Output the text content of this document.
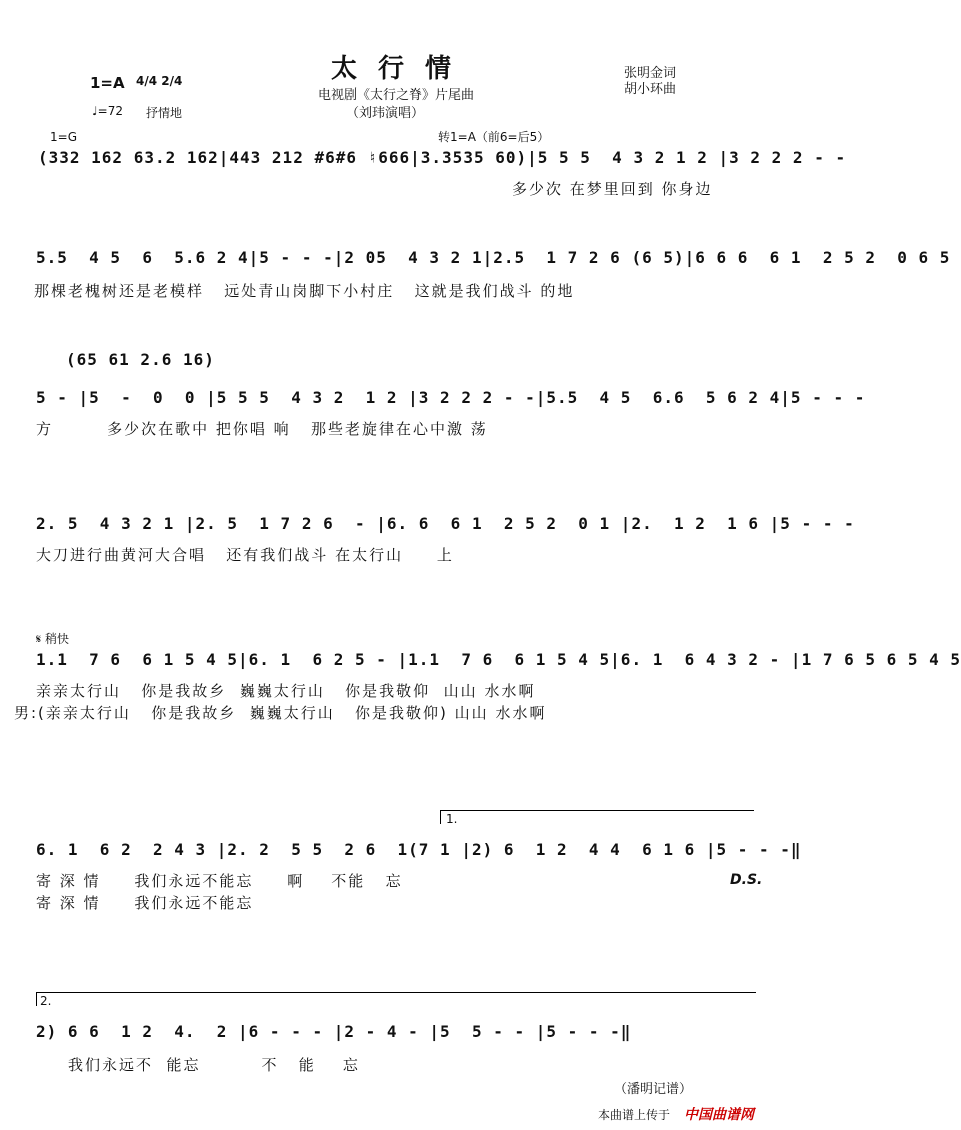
太 行 情
电视剧《太行之脊》片尾曲
（刘玮演唱）
张明金词
胡小环曲
1=A 4/4 2/4
♩=72 抒情地
1=G	转1=A（前6=后5）
(332 162 63.2 162|443 212 #6#6 ♮666|3.3535 60)|5 5 5  4 3 2 1 2 |3 2 2 2 - -
多少次 在梦里回到 你身边
5.5  4 5  6  5.6 2 4|5 - - -|2 05  4 3 2 1|2.5  1 7 2 6 (6 5)|6 6 6  6 1  2 5 2  0 6 5
那棵老槐树还是老模样   远处青山岗脚下小村庄   这就是我们战斗 的地
(65 61 2.6 16)
5 - |5  -  0  0 |5 5 5  4 3 2  1 2 |3 2 2 2 - -|5.5  4 5  6.6  5 6 2 4|5 - - -
方        多少次在歌中 把你唱 响   那些老旋律在心中激 荡
2. 5  4 3 2 1 |2. 5  1 7 2 6  - |6. 6  6 1  2 5 2  0 1 |2.  1 2  1 6 |5 - - -
大刀进行曲黄河大合唱   还有我们战斗 在太行山     上
𝄋 稍快
1.1  7 6  6 1 5 4 5|6. 1  6 2 5 - |1.1  7 6  6 1 5 4 5|6. 1  6 4 3 2 - |1 7 6 5 6 5 4 5
亲亲太行山   你是我故乡  巍巍太行山   你是我敬仰  山山 水水啊
男:(亲亲太行山   你是我故乡  巍巍太行山   你是我敬仰) 山山 水水啊
1.
6. 1  6 2  2 4 3 |2. 2  5 5  2 6  1(7 1 |2) 6  1 2  4 4  6 1 6 |5 - - -‖
寄 深 情     我们永远不能忘     啊    不能   忘
寄 深 情     我们永远不能忘
D.S.
2.
2) 6 6  1 2  4.  2 |6 - - - |2 - 4 - |5  5 - - |5 - - -‖
我们永远不  能忘         不   能    忘
（潘明记谱）
本曲谱上传于 中国曲谱网
